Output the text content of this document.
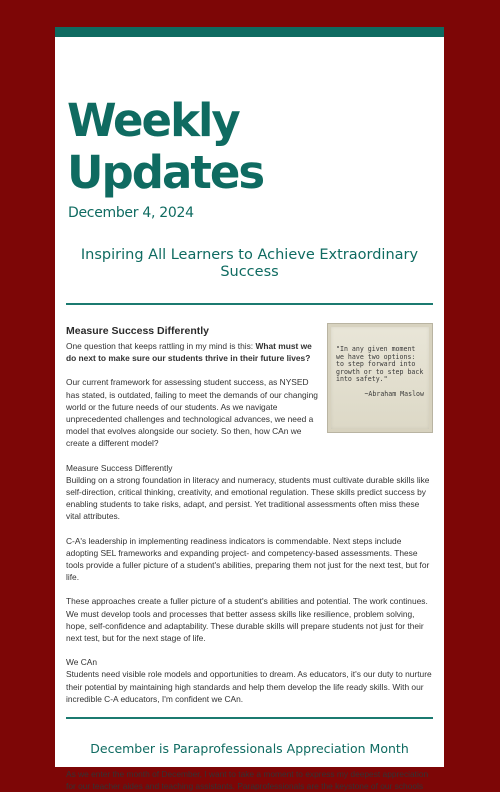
Weekly Updates
December 4, 2024
Inspiring All Learners to Achieve Extraordinary Success

"In any given moment we have two options: to step forward into growth or to step back into safety."

~Abraham Maslow
Measure Success Differently

One question that keeps rattling in my mind is this: What must we do next to make sure our students thrive in their future lives?

Our current framework for assessing student success, as NYSED has stated, is outdated, failing to meet the demands of our changing world or the future needs of our students. As we navigate unprecedented challenges and technological advances, we need a model that evolves alongside our society. So then, how CAn we create a different model?

Measure Success Differently

Building on a strong foundation in literacy and numeracy, students must cultivate durable skills like self-direction, critical thinking, creativity, and emotional regulation. These skills predict success by enabling students to take risks, adapt, and persist. Yet traditional assessments often miss these vital attributes.

C-A's leadership in implementing readiness indicators is commendable. Next steps include adopting SEL frameworks and expanding project- and competency-based assessments. These tools provide a fuller picture of a student's abilities, preparing them not just for the next test, but for life.

These approaches create a fuller picture of a student's abilities and potential. The work continues. We must develop tools and processes that better assess skills like resilience, problem solving, hope, self-confidence and adaptability. These durable skills will prepare students not just for their next test, but for the next stage of life.

We CAn

Students need visible role models and opportunities to dream. As educators, it's our duty to nurture their potential by maintaining high standards and help them develop the life ready skills. With our incredible C-A educators, I'm confident we CAn.

December is Paraprofessionals Appreciation Month

As we enter the month of December, I want to take a moment to express my deepest appreciation for our teacher aides and teaching assistants. Paraprofessionals are the keystone of our schools
